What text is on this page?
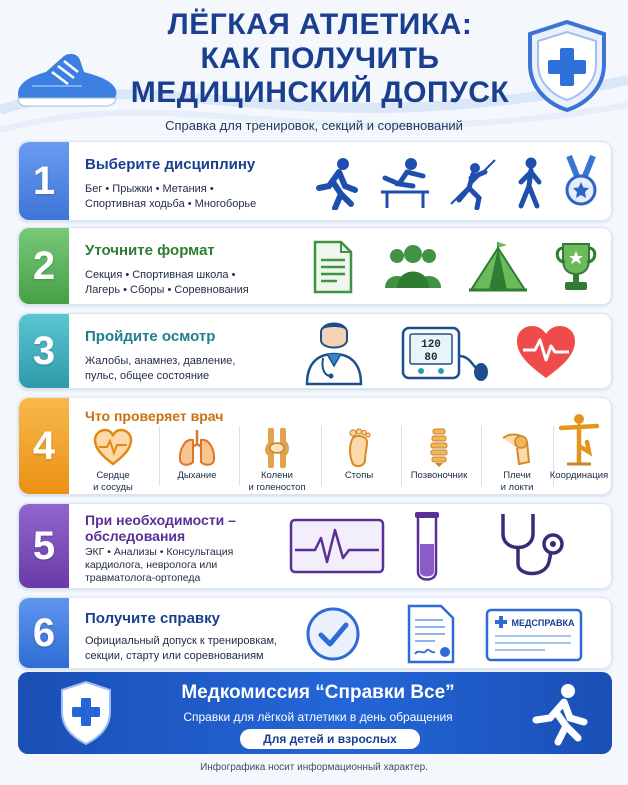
ЛЁГКАЯ АТЛЕТИКА:
КАК ПОЛУЧИТЬ
МЕДИЦИНСКИЙ ДОПУСК
Справка для тренировок, секций и соревнований
1 Выберите дисциплину
Бег • Прыжки • Метания •
Спортивная ходьба • Многоборье
2 Уточните формат
Секция • Спортивная школа •
Лагерь • Сборы • Соревнования
3 Пройдите осмотр
Жалобы, анамнез, давление,
пульс, общее состояние
120
80
4
Что проверяет врач
Сердце
и сосуды
Дыхание	Колени
и голеностоп
Стопы	Позвоночник	Плечи
и локти
Координация
5
При необходимости –
обследования
ЭКГ • Анализы • Консультация
кардиолога, невролога или
травматолога-ортопеда
6 Получите справку
Официальный допуск к тренировкам,
секции, старту или соревнованиям
МЕДСПРАВКА
Медкомиссия “Справки Все”
Справки для лёгкой атлетики в день обращения
Для детей и взрослых
Инфографика носит информационный характер.
